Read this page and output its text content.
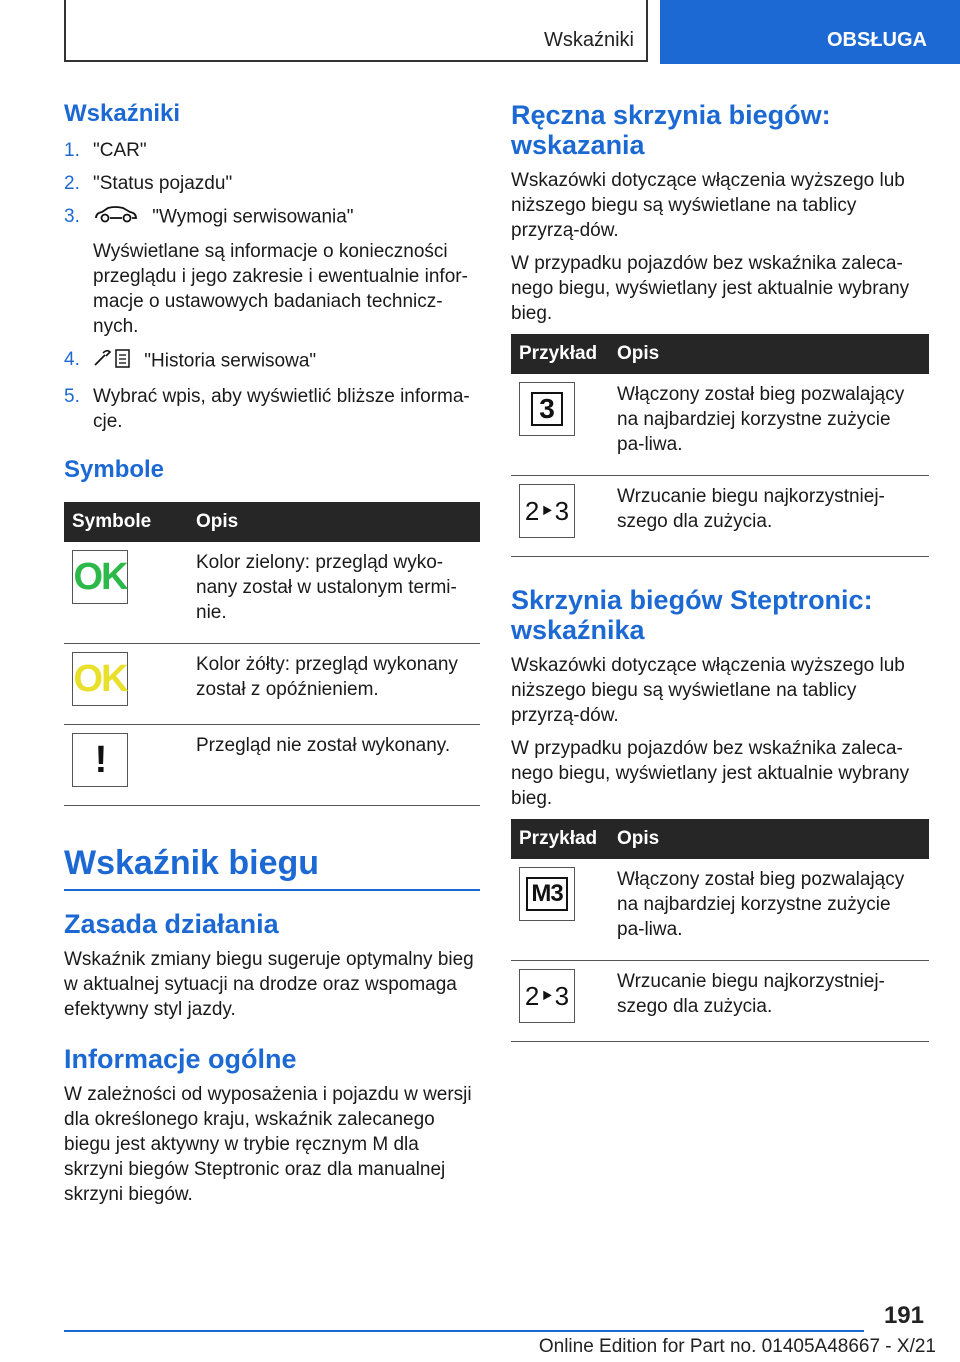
Wskaźniki	OBSŁUGA
Wskaźniki
1. "CAR"
2. "Status pojazdu"
3.	"Wymogi serwisowania"
Wyświetlane są informacje o konieczności przeglądu i jego zakresie i ewentualnie infor-macje o ustawowych badaniach technicz-nych.
4.	"Historia serwisowa"
5. Wybrać wpis, aby wyświetlić bliższe informa-cje.
Symbole
Symbole	Opis

OK	Kolor zielony: przegląd wyko-nany został w ustalonym termi-nie.

OK	Kolor żółty: przegląd wykonany został z opóźnieniem.

!	Przegląd nie został wykonany.
Wskaźnik biegu
Zasada działania

Wskaźnik zmiany biegu sugeruje optymalny bieg w aktualnej sytuacji na drodze oraz wspomaga efektywny styl jazdy.

Informacje ogólne

W zależności od wyposażenia i pojazdu w wersji dla określonego kraju, wskaźnik zalecanego biegu jest aktywny w trybie ręcznym M dla skrzyni biegów Steptronic oraz dla manualnej skrzyni biegów.

Ręczna skrzynia biegów: wskazania

Wskazówki dotyczące włączenia wyższego lub niższego biegu są wyświetlane na tablicy przyrzą-dów.

W przypadku pojazdów bez wskaźnika zaleca-nego biegu, wyświetlany jest aktualnie wybrany bieg.

Przykład	Opis

3	Włączony został bieg pozwalający na najbardziej korzystne zużycie pa-liwa.

2‣3	Wrzucanie biegu najkorzystniej-szego dla zużycia.
Skrzynia biegów Steptronic: wskaźnika

Wskazówki dotyczące włączenia wyższego lub niższego biegu są wyświetlane na tablicy przyrzą-dów.

W przypadku pojazdów bez wskaźnika zaleca-nego biegu, wyświetlany jest aktualnie wybrany bieg.

Przykład	Opis

M3	Włączony został bieg pozwalający na najbardziej korzystne zużycie pa-liwa.

2‣3	Wrzucanie biegu najkorzystniej-szego dla zużycia.
191
Online Edition for Part no. 01405A48667 - X/21
